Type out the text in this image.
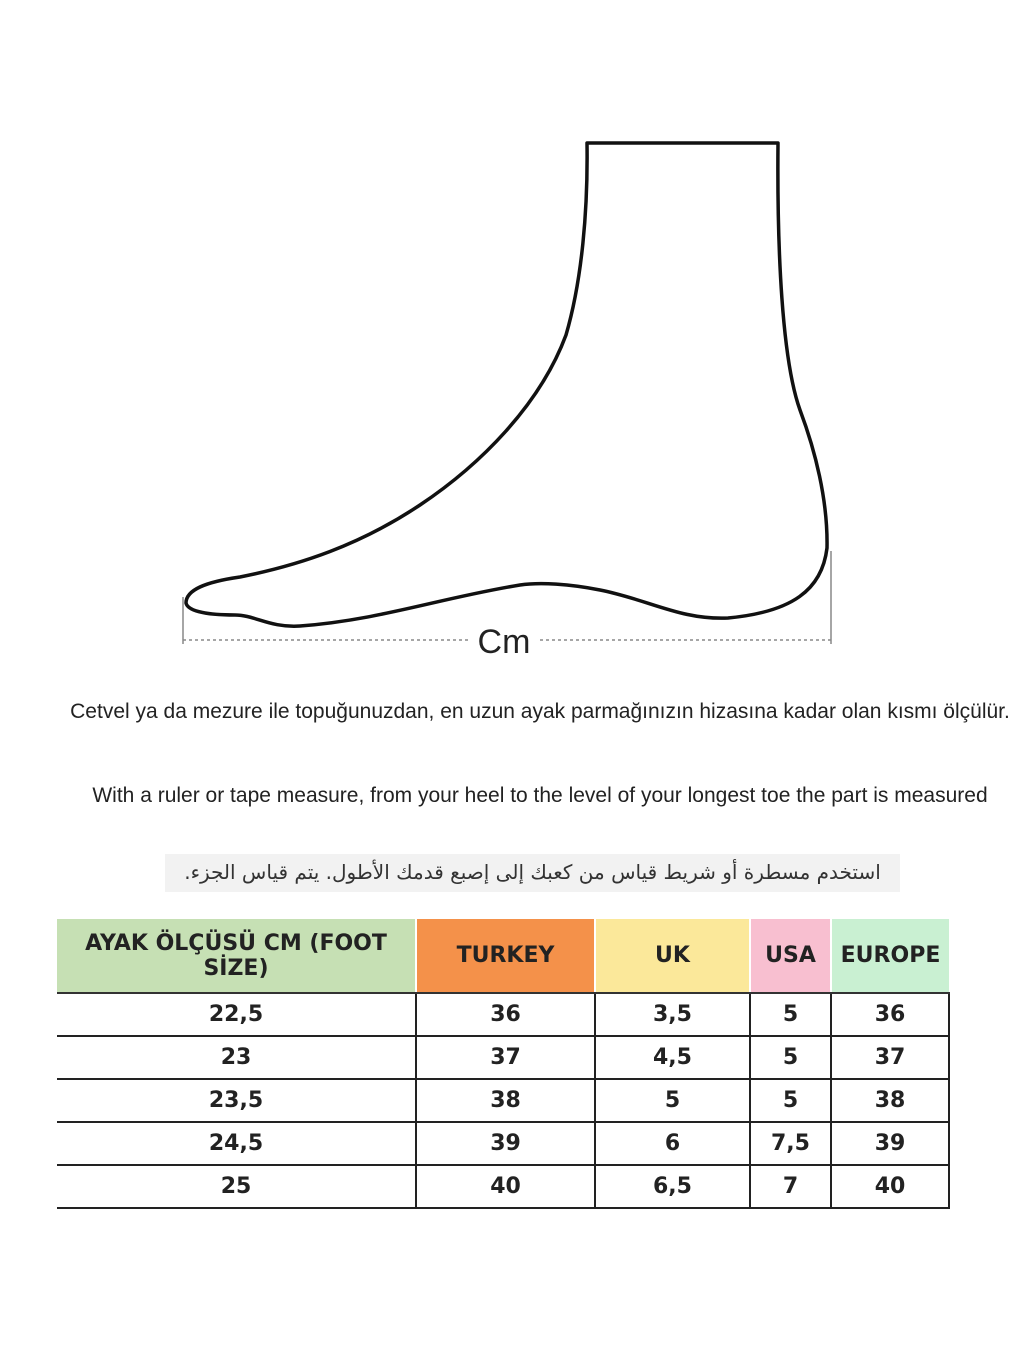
Cm

Cetvel ya da mezure ile topuğunuzdan, en uzun ayak parmağınızın hizasına kadar olan kısmı ölçülür.

With a ruler or tape measure, from your heel to the level of your longest toe the part is measured

استخدم مسطرة أو شريط قياس من كعبك إلى إصبع قدمك الأطول. يتم قياس الجزء.

AYAK ÖLÇÜSÜ CM (FOOT SİZE)	TURKEY	UK	USA	EUROPE
22,5	36	3,5	5	36
23	37	4,5	5	37
23,5	38	5	5	38
24,5	39	6	7,5	39
25	40	6,5	7	40
